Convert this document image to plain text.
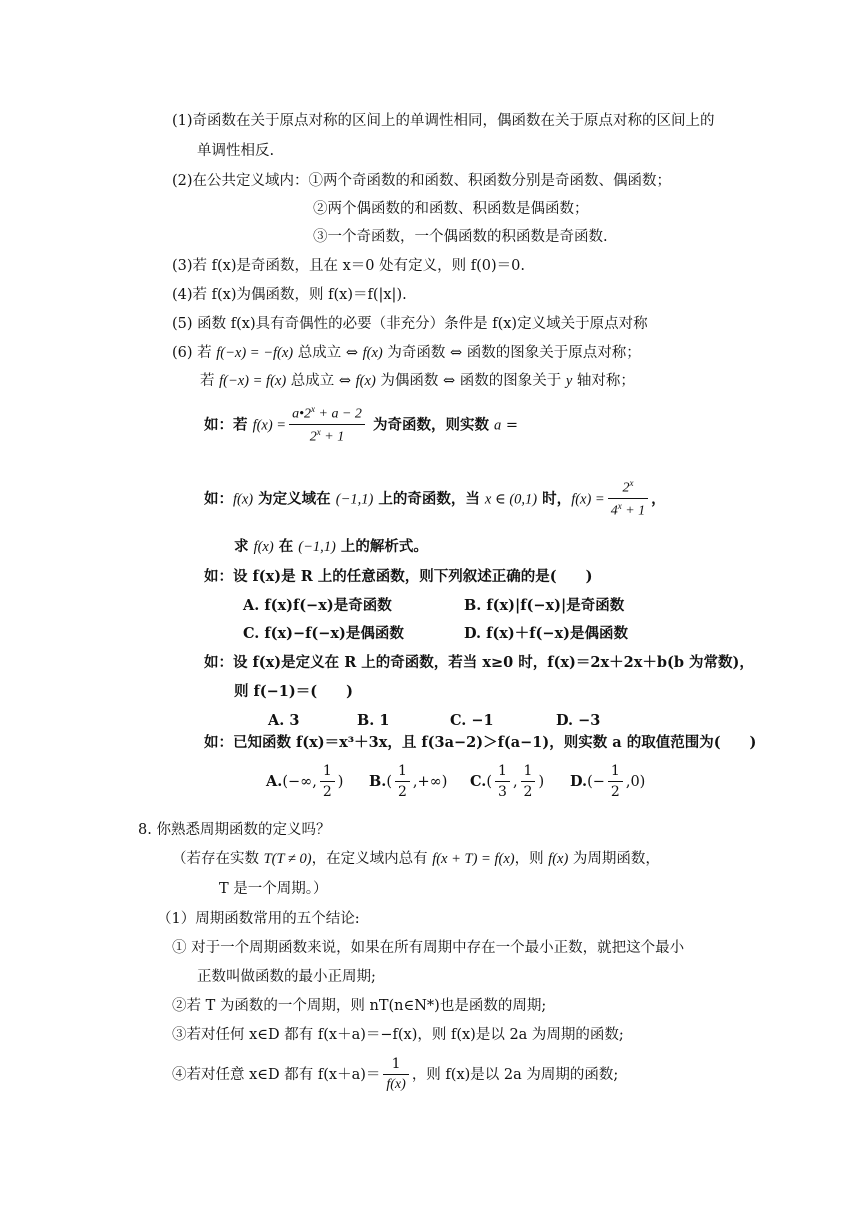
(1)奇函数在关于原点对称的区间上的单调性相同，偶函数在关于原点对称的区间上的
单调性相反.
(2)在公共定义域内：①两个奇函数的和函数、积函数分别是奇函数、偶函数；
②两个偶函数的和函数、积函数是偶函数；
③一个奇函数，一个偶函数的积函数是奇函数.
(3)若 f(x)是奇函数，且在 x＝0 处有定义，则 f(0)＝0.
(4)若 f(x)为偶函数，则 f(x)＝f(|x|).
(5) 函数 f(x)具有奇偶性的必要（非充分）条件是 f(x)定义域关于原点对称
(6) 若 f(−x) = −f(x) 总成立 ⇔ f(x) 为奇函数 ⇔ 函数的图象关于原点对称；
若 f(−x) = f(x) 总成立 ⇔ f(x) 为偶函数 ⇔ 函数的图象关于 y 轴对称；
如：若 $f(x) = \frac{a•2^x + a - 2}{2^x + 1}$ 为奇函数，则实数 a =
如：f(x) 为定义域在 (−1,1) 上的奇函数，当 x ∈ (0,1) 时，$f(x) = \frac{2^x}{4^x + 1}$ ，
求 f(x) 在 (−1,1) 上的解析式。
如：设 f(x)是 R 上的任意函数，则下列叙述正确的是(　　)
A. f(x)f(−x)是奇函数	B. f(x)|f(−x)|是奇函数
C. f(x)−f(−x)是偶函数	D. f(x)＋f(−x)是偶函数
如：设 f(x)是定义在 R 上的奇函数，若当 x≥0 时，f(x)＝2x＋2x＋b(b 为常数)，
则 f(−1)＝(　　)
A. 3	B. 1	C. −1	D. −3
如：已知函数 f(x)＝x³＋3x，且 f(3a−2)＞f(a−1)，则实数 a 的取值范围为(　　)
A.(−∞, $\frac{1}{2}$ ) $B.( \frac{1}{2}$ ,+∞) $C.( \frac{1}{3}$ , $\frac{1}{2}$ ) $D.(- \frac{1}{2} ,0)$
8. 你熟悉周期函数的定义吗？
（若存在实数 T(T ≠ 0)，在定义域内总有 f(x + T) = f(x)，则 f(x) 为周期函数，
T 是一个周期。）
（1）周期函数常用的五个结论:
① 对于一个周期函数来说，如果在所有周期中存在一个最小正数，就把这个最小
正数叫做函数的最小正周期;
②若 T 为函数的一个周期，则 nT(n∈N*)也是函数的周期;
③若对任何 x∈D 都有 f(x＋a)＝−f(x)，则 f(x)是以 2a 为周期的函数;
④若对任意 x∈D 都有 $f(x+a)= \frac{1}{f(x)}$ ，则 f(x)是以 2a 为周期的函数;
